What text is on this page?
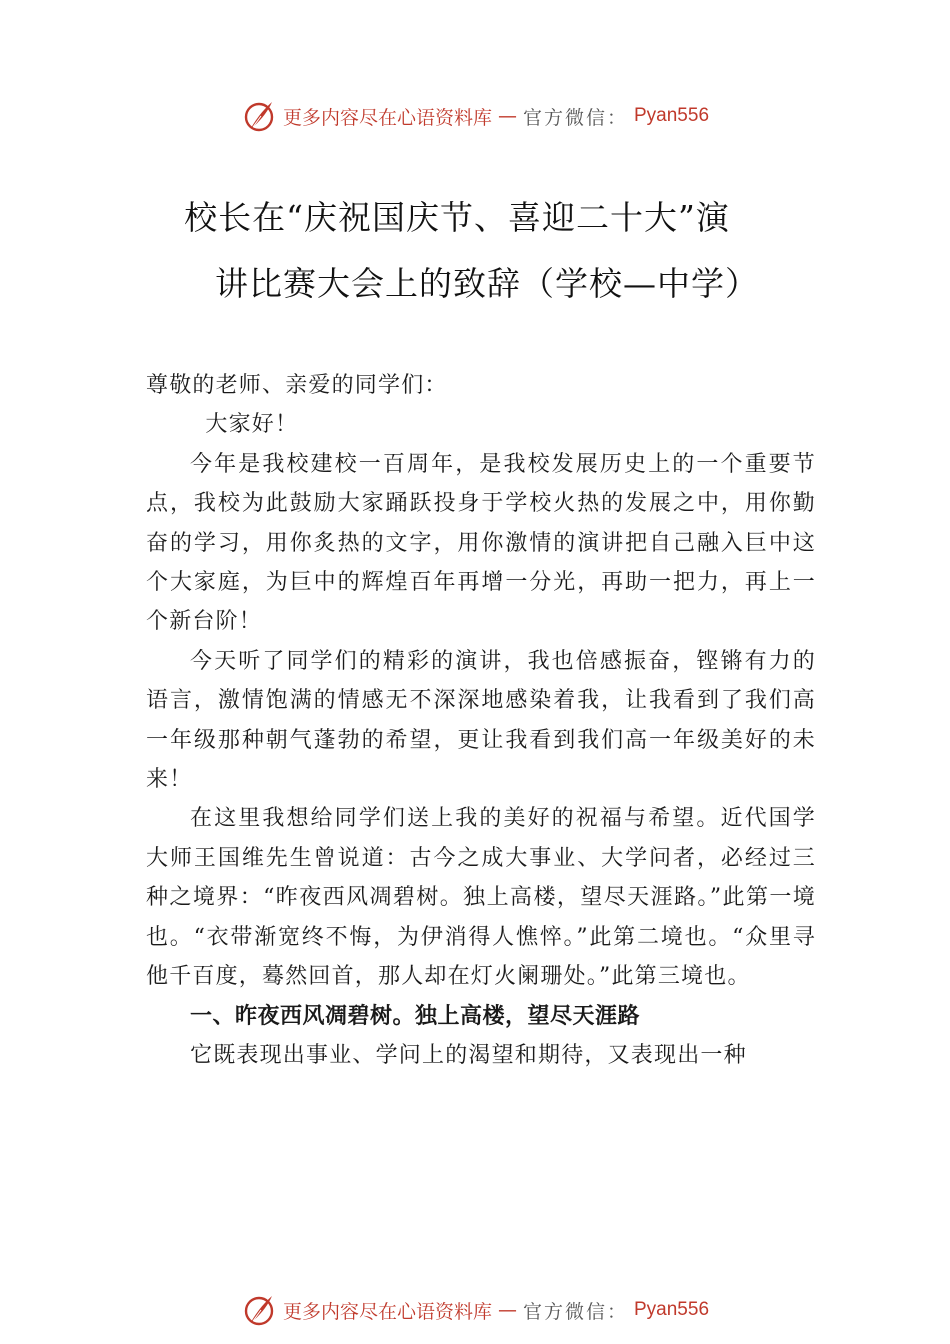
更多内容尽在心语资料库 — 官方微信： Pyan556
校长在“庆祝国庆节、喜迎二十大”演
讲比赛大会上的致辞（学校—中学）

尊敬的老师、亲爱的同学们：

大家好！

今年是我校建校一百周年，是我校发展历史上的一个重要节点，我校为此鼓励大家踊跃投身于学校火热的发展之中，用你勤奋的学习，用你炙热的文字，用你激情的演讲把自己融入巨中这个大家庭，为巨中的辉煌百年再增一分光，再助一把力，再上一个新台阶！

今天听了同学们的精彩的演讲，我也倍感振奋，铿锵有力的语言，激情饱满的情感无不深深地感染着我，让我看到了我们高一年级那种朝气蓬勃的希望，更让我看到我们高一年级美好的未来！

在这里我想给同学们送上我的美好的祝福与希望。近代国学大师王国维先生曾说道：古今之成大事业、大学问者，必经过三种之境界：“昨夜西风凋碧树。独上高楼，望尽天涯路。”此第一境也。“衣带渐宽终不悔，为伊消得人憔悴。”此第二境也。“众里寻他千百度，蓦然回首，那人却在灯火阑珊处。”此第三境也。

一、昨夜西风凋碧树。独上高楼，望尽天涯路

它既表现出事业、学问上的渴望和期待，又表现出一种

更多内容尽在心语资料库 — 官方微信： Pyan556
